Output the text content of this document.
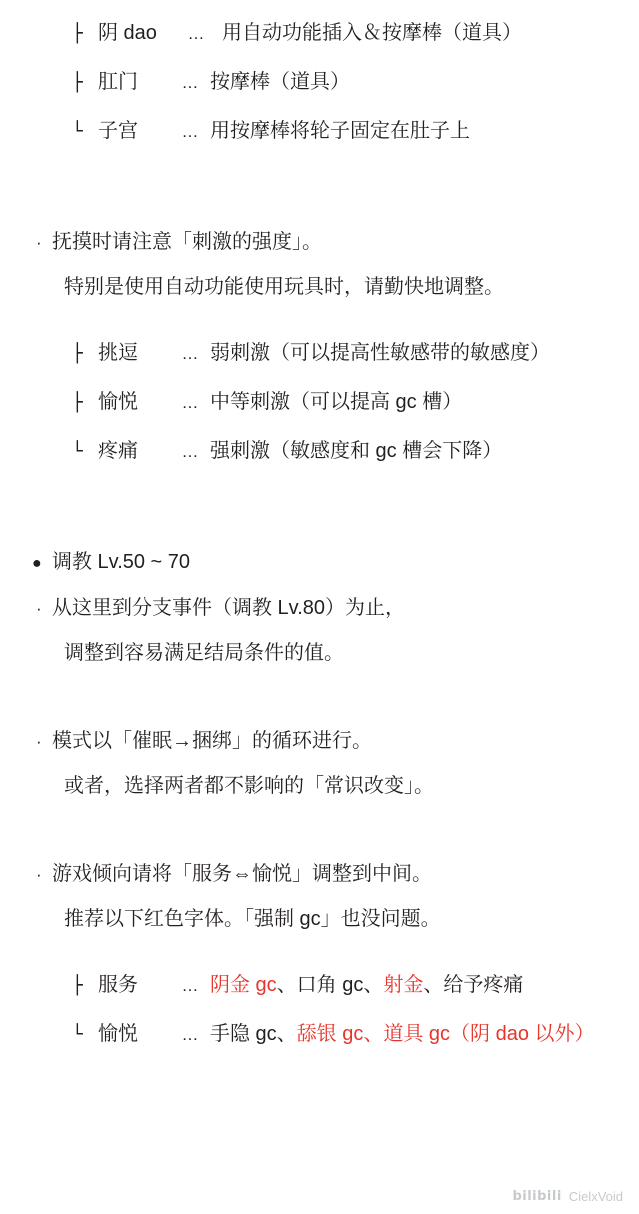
├ 阴 dao	… 用自动功能插入＆按摩棒（道具）
├ 肛门	… 按摩棒（道具）
└ 子宫	… 用按摩棒将轮子固定在肚子上
· 抚摸时请注意「刺激的强度」。
特别是使用自动功能使用玩具时，请勤快地调整。
├ 挑逗	… 弱刺激（可以提高性敏感带的敏感度）
├ 愉悦	… 中等刺激（可以提高 gc 槽）
└ 疼痛	… 强刺激（敏感度和 gc 槽会下降）
● 调教 Lv.50 ~ 70
· 从这里到分支事件（调教 Lv.80）为止，
调整到容易满足结局条件的值。
· 模式以「催眠→捆绑」的循环进行。
或者，选择两者都不影响的「常识改变」。
· 游戏倾向请将「服务⇔愉悦」调整到中间。
推荐以下红色字体。「强制 gc」也没问题。
├ 服务	… 阴金 gc、口角 gc、射金、给予疼痛
└ 愉悦	… 手隐 gc、舔银 gc、道具 gc（阴 dao 以外）
bilibili CielxVoid
